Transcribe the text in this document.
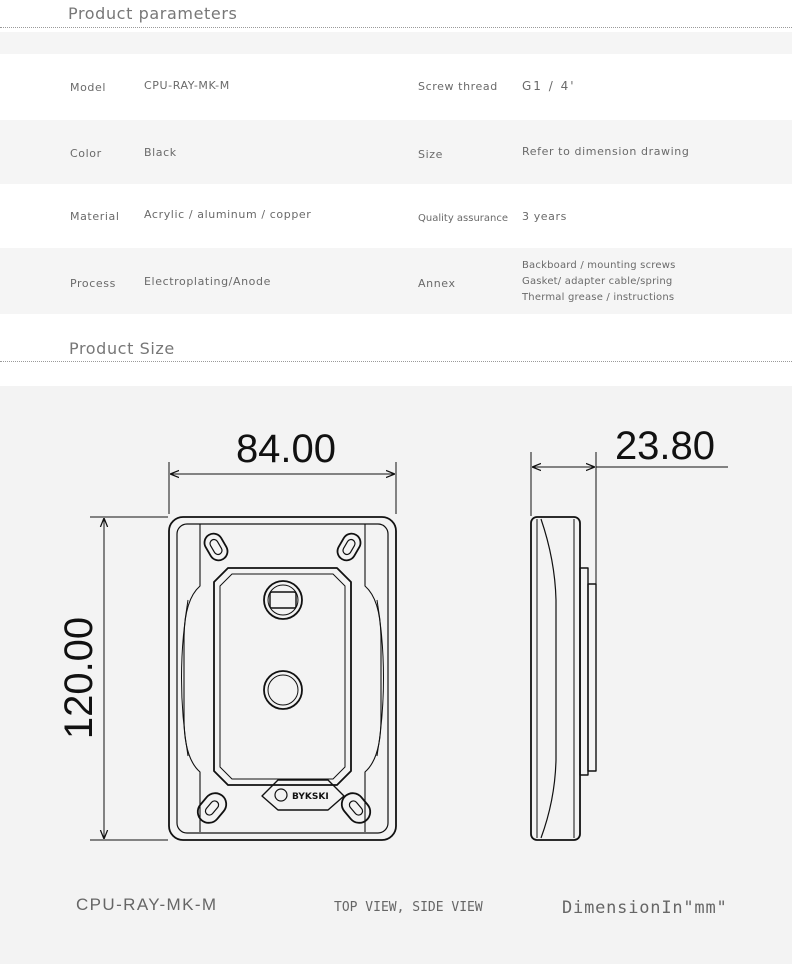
Product parameters
Model	CPU-RAY-MK-M	Screw thread G1 / 4'
Color	Black	Size	Refer to dimension drawing
Material Acrylic / aluminum / copper	Quality assurance 3 years
Process	Electroplating/Anode	Annex
Backboard / mounting screws
Gasket/ adapter cable/spring
Thermal grease / instructions
Product Size
84.00
120.00
BYKSKI
23.80
CPU-RAY-MK-M	TOP VIEW, SIDE VIEW	DimensionIn"mm"
